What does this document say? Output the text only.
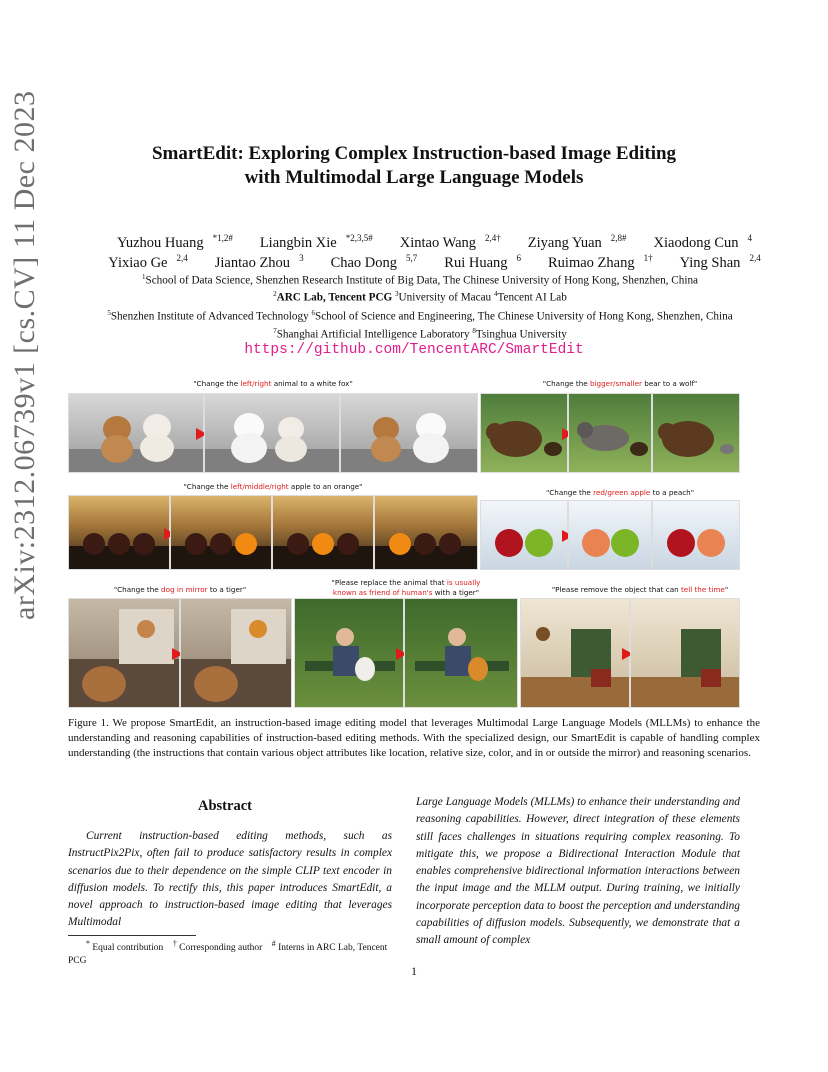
arXiv:2312.06739v1 [cs.CV] 11 Dec 2023	SmartEdit: Exploring Complex Instruction-based Image Editing
with Multimodal Large Language Models
Yuzhou Huang $^{*1,2\#}$ Liangbin Xie $^{*2,3,5\#}$ Xintao Wang $^{2,4\dagger}$ Ziyang Yuan $^{2,8\#}$ Xiaodong Cun $^4$
Yixiao Ge $^{2,4}$ Jiantao Zhou $^3$ Chao Dong $^{5,7}$ Rui Huang $^6$ Ruimao Zhang $^{1\dagger}$ Ying Shan $^{2,4}$
$^1$School of Data Science, Shenzhen Research Institute of Big Data, The Chinese University of Hong Kong, Shenzhen, China
$^2$ARC Lab, Tencent PCG $^3$University of Macau $^4$Tencent AI Lab
$^5$Shenzhen Institute of Advanced Technology $^6$School of Science and Engineering, The Chinese University of Hong Kong, Shenzhen, China
$^7$Shanghai Artificial Intelligence Laboratory $^8$Tsinghua University
https://github.com/TencentARC/SmartEdit
"Change the left/right animal to a white fox"	"Change the bigger/smaller bear to a wolf"
"Change the left/middle/right apple to an orange"
"Change the red/green apple to a peach"
"Change the dog in mirror to a tiger"
"Please replace the animal that is usually
known as friend of human's with a tiger"	"Please remove the object that can tell the time"
Figure 1. We propose SmartEdit, an instruction-based image editing model that leverages Multimodal Large Language Models (MLLMs) to enhance the understanding and reasoning capabilities of instruction-based editing methods. With the specialized design, our SmartEdit is capable of handling complex understanding (the instructions that contain various object attributes like location, relative size, color, and in or outside the mirror) and reasoning scenarios.
Abstract
Current instruction-based editing methods, such as InstructPix2Pix, often fail to produce satisfactory results in complex scenarios due to their dependence on the simple CLIP text encoder in diffusion models. To rectify this, this paper introduces SmartEdit, a novel approach to instruction-based image editing that leverages Multimodal
Large Language Models (MLLMs) to enhance their understanding and reasoning capabilities. However, direct integration of these elements still faces challenges in situations requiring complex reasoning. To mitigate this, we propose a Bidirectional Interaction Module that enables comprehensive bidirectional information interactions between the input image and the MLLM output. During training, we initially incorporate perception data to boost the perception and understanding capabilities of diffusion models. Subsequently, we demonstrate that a small amount of complex
* Equal contribution † Corresponding author # Interns in ARC Lab, Tencent PCG
1
